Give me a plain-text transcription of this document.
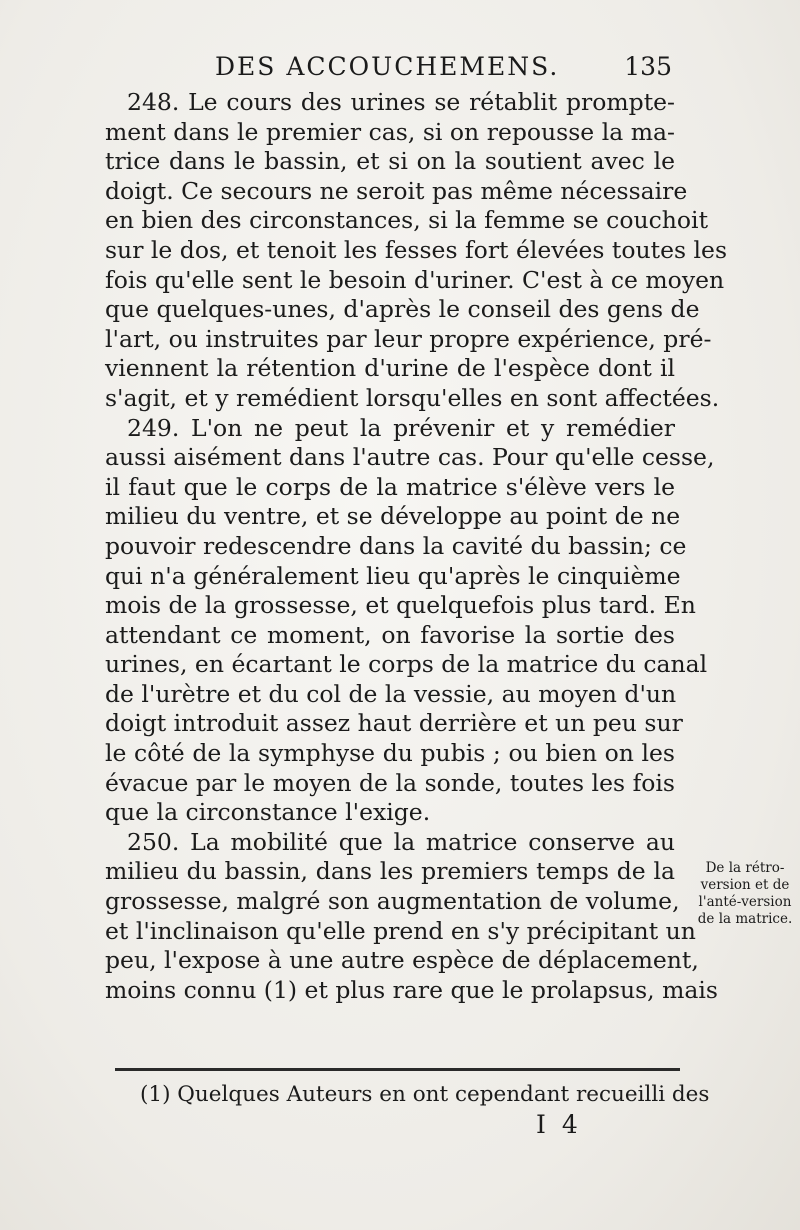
DES ACCOUCHEMENS.	135
248. Le cours des urines se rétablit prompte-
ment dans le premier cas, si on repousse la ma-
trice dans le bassin, et si on la soutient avec le
doigt. Ce secours ne seroit pas même nécessaire
en bien des circonstances, si la femme se couchoit
sur le dos, et tenoit les fesses fort élevées toutes les
fois qu'elle sent le besoin d'uriner. C'est à ce moyen
que quelques-unes, d'après le conseil des gens de
l'art, ou instruites par leur propre expérience, pré-
viennent la rétention d'urine de l'espèce dont il
s'agit, et y remédient lorsqu'elles en sont affectées.
249. L'on ne peut la prévenir et y remédier
aussi aisément dans l'autre cas. Pour qu'elle cesse,
il faut que le corps de la matrice s'élève vers le
milieu du ventre, et se développe au point de ne
pouvoir redescendre dans la cavité du bassin; ce
qui n'a généralement lieu qu'après le cinquième
mois de la grossesse, et quelquefois plus tard. En
attendant ce moment, on favorise la sortie des
urines, en écartant le corps de la matrice du canal
de l'urètre et du col de la vessie, au moyen d'un
doigt introduit assez haut derrière et un peu sur
le côté de la symphyse du pubis ; ou bien on les
évacue par le moyen de la sonde, toutes les fois
que la circonstance l'exige.
250. La mobilité que la matrice conserve au
milieu du bassin, dans les premiers temps de la
grossesse, malgré son augmentation de volume,
et l'inclinaison qu'elle prend en s'y précipitant un
peu, l'expose à une autre espèce de déplacement,
moins connu (1) et plus rare que le prolapsus, mais
De la rétro-
version et de
l'anté-version
de la matrice.
(1) Quelques Auteurs en ont cependant recueilli des
I 4
